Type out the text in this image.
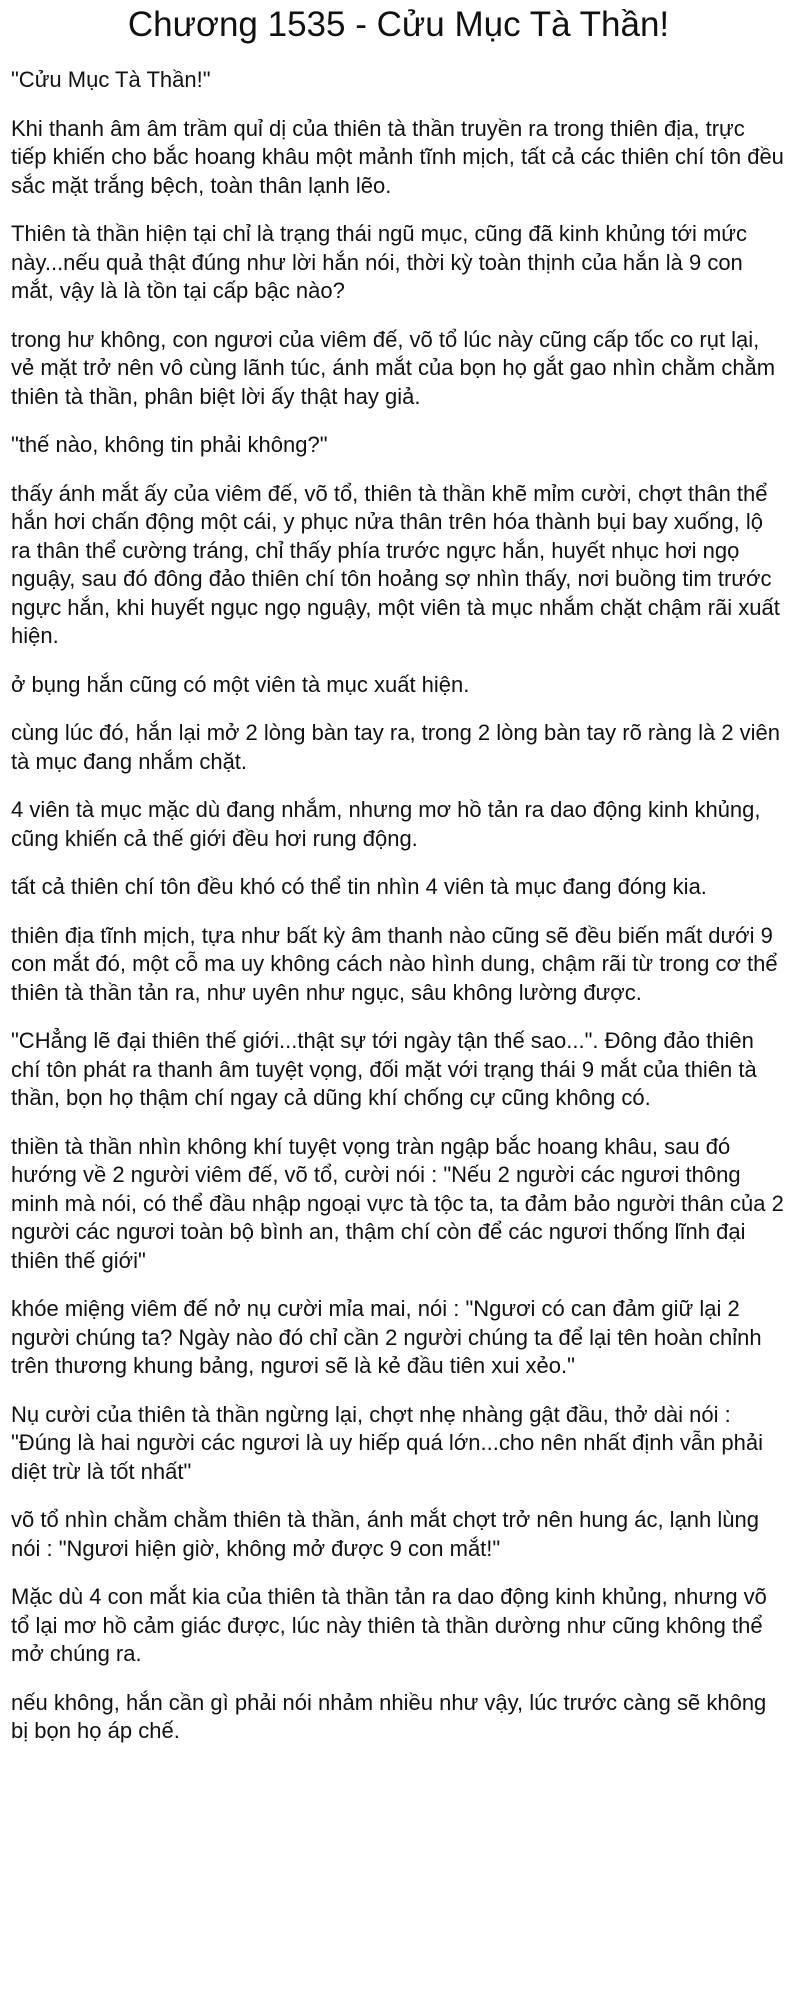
Chương 1535 - Cửu Mục Tà Thần!

"Cửu Mục Tà Thần!"

Khi thanh âm âm trầm quỉ dị của thiên tà thần truyền ra trong thiên địa, trực tiếp khiến cho bắc hoang khâu một mảnh tĩnh mịch, tất cả các thiên chí tôn đều sắc mặt trắng bệch, toàn thân lạnh lẽo.

Thiên tà thần hiện tại chỉ là trạng thái ngũ mục, cũng đã kinh khủng tới mức này...nếu quả thật đúng như lời hắn nói, thời kỳ toàn thịnh của hắn là 9 con mắt, vậy là là tồn tại cấp bậc nào?

trong hư không, con ngươi của viêm đế, võ tổ lúc này cũng cấp tốc co rụt lại, vẻ mặt trở nên vô cùng lãnh túc, ánh mắt của bọn họ gắt gao nhìn chằm chằm thiên tà thần, phân biệt lời ấy thật hay giả.

"thế nào, không tin phải không?"

thấy ánh mắt ấy của viêm đế, võ tổ, thiên tà thần khẽ mỉm cười, chợt thân thể hắn hơi chấn động một cái, y phục nửa thân trên hóa thành bụi bay xuống, lộ ra thân thể cường tráng, chỉ thấy phía trước ngực hắn, huyết nhục hơi ngọ nguậy, sau đó đông đảo thiên chí tôn hoảng sợ nhìn thấy, nơi buồng tim trước ngực hắn, khi huyết ngục ngọ nguậy, một viên tà mục nhắm chặt chậm rãi xuất hiện.

ở bụng hắn cũng có một viên tà mục xuất hiện.

cùng lúc đó, hắn lại mở 2 lòng bàn tay ra, trong 2 lòng bàn tay rõ ràng là 2 viên tà mục đang nhắm chặt.

4 viên tà mục mặc dù đang nhắm, nhưng mơ hồ tản ra dao động kinh khủng, cũng khiến cả thế giới đều hơi rung động.

tất cả thiên chí tôn đều khó có thể tin nhìn 4 viên tà mục đang đóng kia.

thiên địa tĩnh mịch, tựa như bất kỳ âm thanh nào cũng sẽ đều biến mất dưới 9 con mắt đó, một cỗ ma uy không cách nào hình dung, chậm rãi từ trong cơ thể thiên tà thần tản ra, như uyên như ngục, sâu không lường được.

"CHẳng lẽ đại thiên thế giới...thật sự tới ngày tận thế sao...". Đông đảo thiên chí tôn phát ra thanh âm tuyệt vọng, đối mặt với trạng thái 9 mắt của thiên tà thần, bọn họ thậm chí ngay cả dũng khí chống cự cũng không có.

thiền tà thần nhìn không khí tuyệt vọng tràn ngập bắc hoang khâu, sau đó hướng về 2 người viêm đế, võ tổ, cười nói : "Nếu 2 người các ngươi thông minh mà nói, có thể đầu nhập ngoại vực tà tộc ta, ta đảm bảo người thân của 2 người các ngươi toàn bộ bình an, thậm chí còn để các ngươi thống lĩnh đại thiên thế giới"

khóe miệng viêm đế nở nụ cười mỉa mai, nói : "Ngươi có can đảm giữ lại 2 người chúng ta? Ngày nào đó chỉ cần 2 người chúng ta để lại tên hoàn chỉnh trên thương khung bảng, ngươi sẽ là kẻ đầu tiên xui xẻo."

Nụ cười của thiên tà thần ngừng lại, chợt nhẹ nhàng gật đầu, thở dài nói : "Đúng là hai người các ngươi là uy hiếp quá lớn...cho nên nhất định vẫn phải diệt trừ là tốt nhất"

võ tổ nhìn chằm chằm thiên tà thần, ánh mắt chợt trở nên hung ác, lạnh lùng nói : "Ngươi hiện giờ, không mở được 9 con mắt!"

Mặc dù 4 con mắt kia của thiên tà thần tản ra dao động kinh khủng, nhưng võ tổ lại mơ hồ cảm giác được, lúc này thiên tà thần dường như cũng không thể mở chúng ra.

nếu không, hắn cần gì phải nói nhảm nhiều như vậy, lúc trước càng sẽ không bị bọn họ áp chế.
